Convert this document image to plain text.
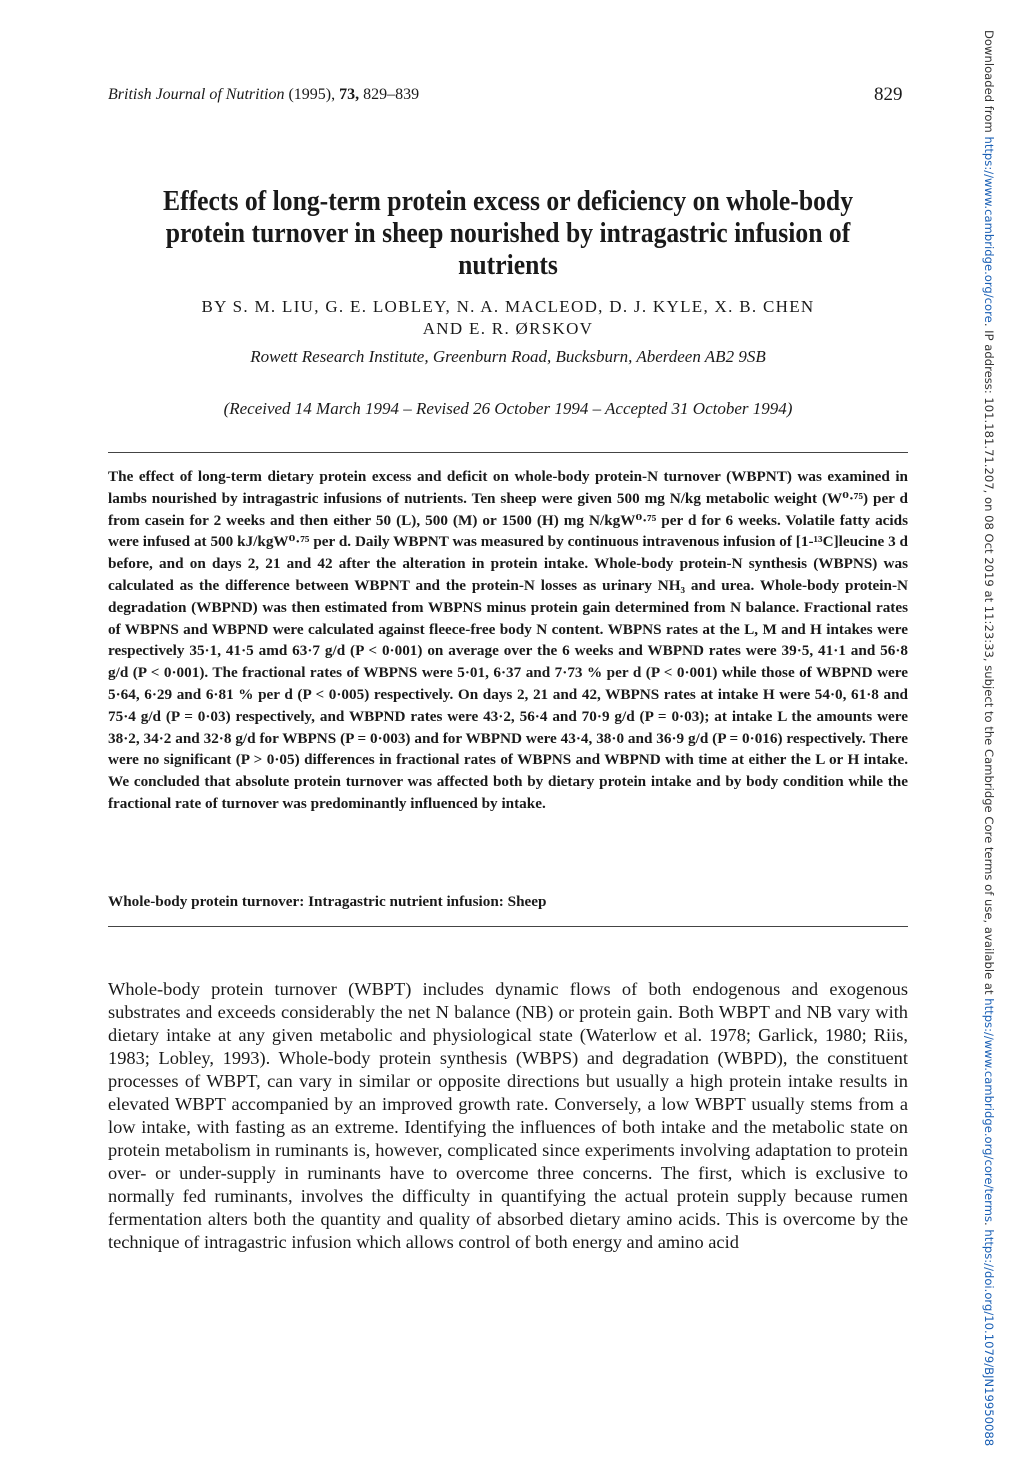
British Journal of Nutrition (1995), 73, 829–839	829
Effects of long-term protein excess or deficiency on whole-body protein turnover in sheep nourished by intragastric infusion of nutrients
BY S. M. LIU, G. E. LOBLEY, N. A. MACLEOD, D. J. KYLE, X. B. CHEN
AND E. R. ØRSKOV
Rowett Research Institute, Greenburn Road, Bucksburn, Aberdeen AB2 9SB
(Received 14 March 1994 – Revised 26 October 1994 – Accepted 31 October 1994)

The effect of long-term dietary protein excess and deficit on whole-body protein-N turnover (WBPNT) was examined in lambs nourished by intragastric infusions of nutrients. Ten sheep were given 500 mg N/kg metabolic weight (W⁰·⁷⁵) per d from casein for 2 weeks and then either 50 (L), 500 (M) or 1500 (H) mg N/kgW⁰·⁷⁵ per d for 6 weeks. Volatile fatty acids were infused at 500 kJ/kgW⁰·⁷⁵ per d. Daily WBPNT was measured by continuous intravenous infusion of [1-¹³C]leucine 3 d before, and on days 2, 21 and 42 after the alteration in protein intake. Whole-body protein-N synthesis (WBPNS) was calculated as the difference between WBPNT and the protein-N losses as urinary NH₃ and urea. Whole-body protein-N degradation (WBPND) was then estimated from WBPNS minus protein gain determined from N balance. Fractional rates of WBPNS and WBPND were calculated against fleece-free body N content. WBPNS rates at the L, M and H intakes were respectively 35·1, 41·5 amd 63·7 g/d (P < 0·001) on average over the 6 weeks and WBPND rates were 39·5, 41·1 and 56·8 g/d (P < 0·001). The fractional rates of WBPNS were 5·01, 6·37 and 7·73 % per d (P < 0·001) while those of WBPND were 5·64, 6·29 and 6·81 % per d (P < 0·005) respectively. On days 2, 21 and 42, WBPNS rates at intake H were 54·0, 61·8 and 75·4 g/d (P = 0·03) respectively, and WBPND rates were 43·2, 56·4 and 70·9 g/d (P = 0·03); at intake L the amounts were 38·2, 34·2 and 32·8 g/d for WBPNS (P = 0·003) and for WBPND were 43·4, 38·0 and 36·9 g/d (P = 0·016) respectively. There were no significant (P > 0·05) differences in fractional rates of WBPNS and WBPND with time at either the L or H intake. We concluded that absolute protein turnover was affected both by dietary protein intake and by body condition while the fractional rate of turnover was predominantly influenced by intake.

Whole-body protein turnover: Intragastric nutrient infusion: Sheep

Whole-body protein turnover (WBPT) includes dynamic flows of both endogenous and exogenous substrates and exceeds considerably the net N balance (NB) or protein gain. Both WBPT and NB vary with dietary intake at any given metabolic and physiological state (Waterlow et al. 1978; Garlick, 1980; Riis, 1983; Lobley, 1993). Whole-body protein synthesis (WBPS) and degradation (WBPD), the constituent processes of WBPT, can vary in similar or opposite directions but usually a high protein intake results in elevated WBPT accompanied by an improved growth rate. Conversely, a low WBPT usually stems from a low intake, with fasting as an extreme. Identifying the influences of both intake and the metabolic state on protein metabolism in ruminants is, however, complicated since experiments involving adaptation to protein over- or under-supply in ruminants have to overcome three concerns. The first, which is exclusive to normally fed ruminants, involves the difficulty in quantifying the actual protein supply because rumen fermentation alters both the quantity and quality of absorbed dietary amino acids. This is overcome by the technique of intragastric infusion which allows control of both energy and amino acid

Downloaded from https://www.cambridge.org/core. IP address: 101.181.71.207, on 08 Oct 2019 at 11:23:33, subject to the Cambridge Core terms of use, available at https://www.cambridge.org/core/terms. https://doi.org/10.1079/BJN19950088
